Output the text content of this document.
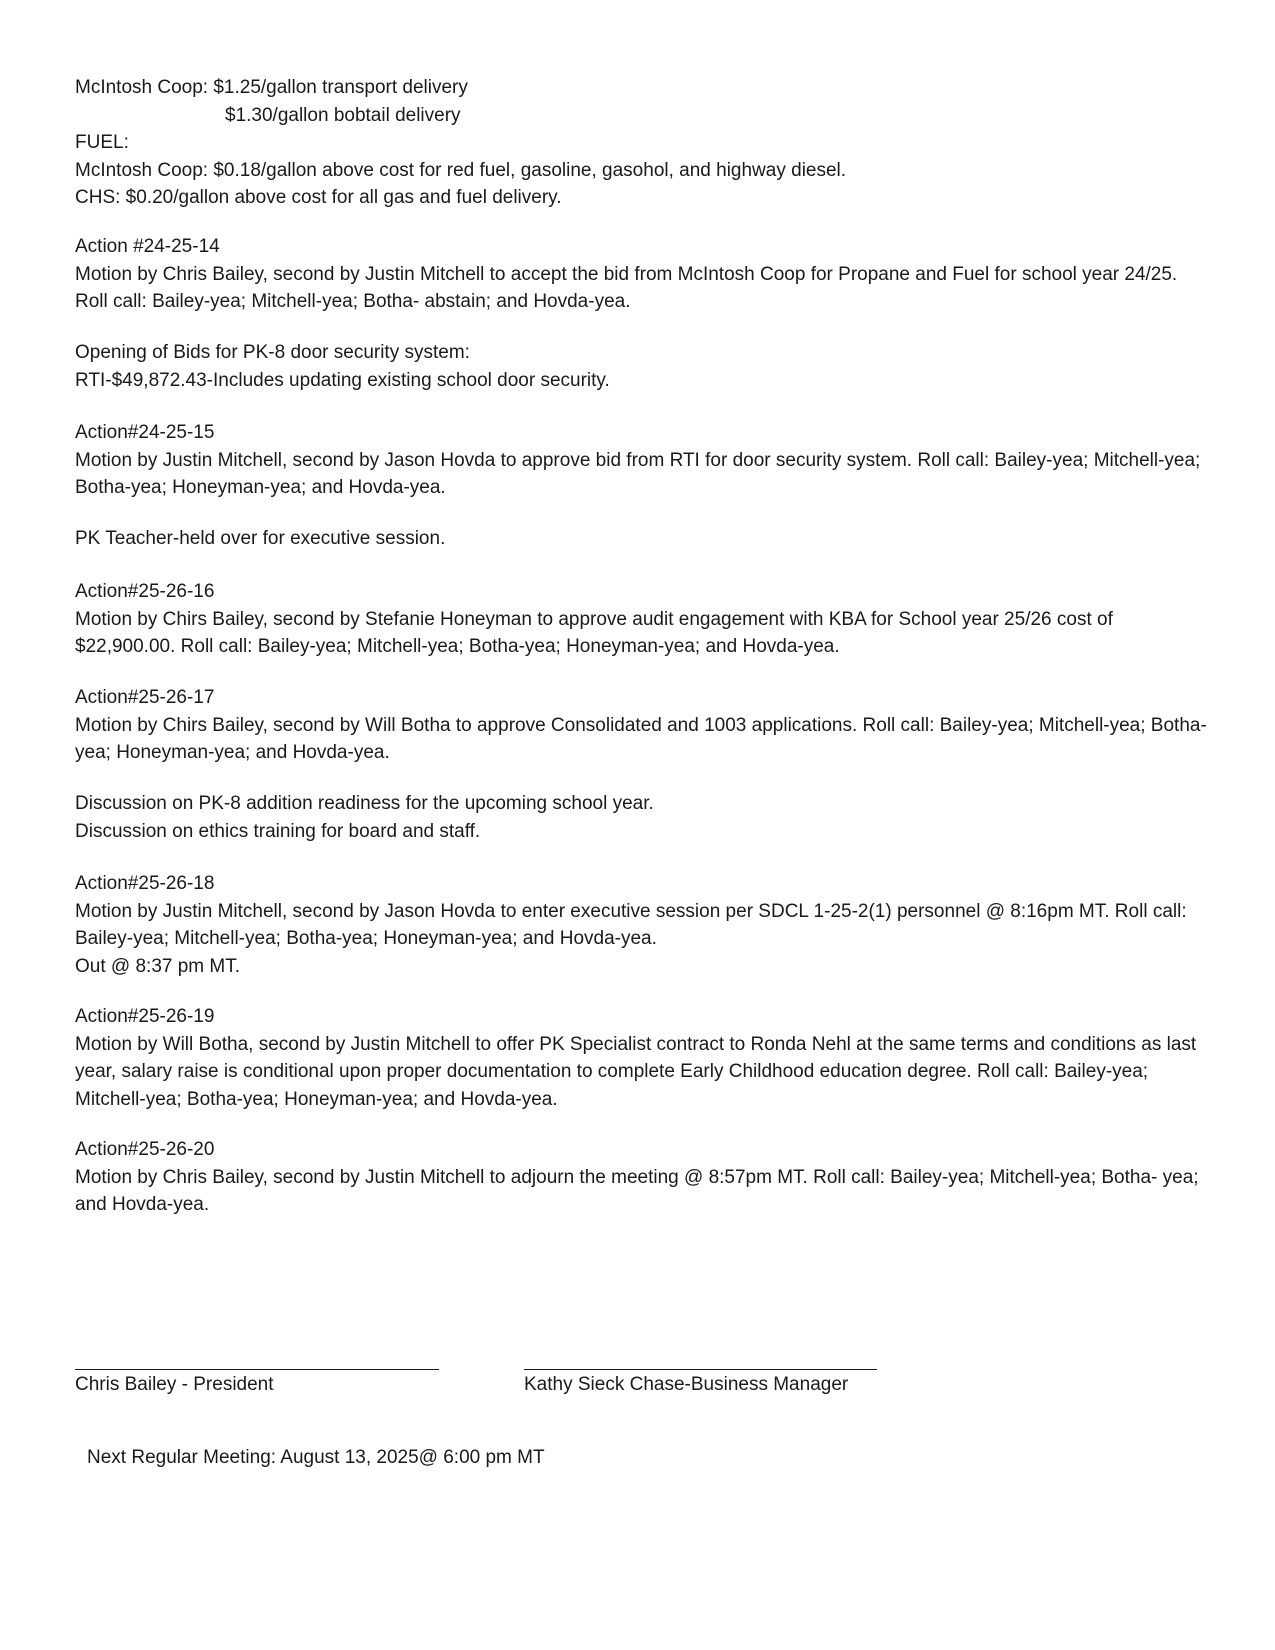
McIntosh Coop: $1.25/gallon transport delivery
$1.30/gallon bobtail delivery
FUEL:
McIntosh Coop: $0.18/gallon above cost for red fuel, gasoline, gasohol, and highway diesel.
CHS: $0.20/gallon above cost for all gas and fuel delivery.
Action #24-25-14
Motion by Chris Bailey, second by Justin Mitchell to accept the bid from McIntosh Coop for Propane and Fuel for school year 24/25. Roll call: Bailey-yea; Mitchell-yea; Botha- abstain; and Hovda-yea.
Opening of Bids for PK-8 door security system:
RTI-$49,872.43-Includes updating existing school door security.
Action#24-25-15
Motion by Justin Mitchell, second by Jason Hovda to approve bid from RTI for door security system. Roll call: Bailey-yea; Mitchell-yea; Botha-yea; Honeyman-yea; and Hovda-yea.
PK Teacher-held over for executive session.
Action#25-26-16
Motion by Chirs Bailey, second by Stefanie Honeyman to approve audit engagement with KBA for School year 25/26 cost of $22,900.00. Roll call: Bailey-yea; Mitchell-yea; Botha-yea; Honeyman-yea; and Hovda-yea.
Action#25-26-17
Motion by Chirs Bailey, second by Will Botha to approve Consolidated and 1003 applications. Roll call: Bailey-yea; Mitchell-yea; Botha-yea; Honeyman-yea; and Hovda-yea.
Discussion on PK-8 addition readiness for the upcoming school year.
Discussion on ethics training for board and staff.
Action#25-26-18
Motion by Justin Mitchell, second by Jason Hovda to enter executive session per SDCL 1-25-2(1) personnel @ 8:16pm MT. Roll call: Bailey-yea; Mitchell-yea; Botha-yea; Honeyman-yea; and Hovda-yea.
Out @ 8:37 pm MT.
Action#25-26-19
Motion by Will Botha, second by Justin Mitchell to offer PK Specialist contract to Ronda Nehl at the same terms and conditions as last year, salary raise is conditional upon proper documentation to complete Early Childhood education degree. Roll call: Bailey-yea; Mitchell-yea; Botha-yea; Honeyman-yea; and Hovda-yea.
Action#25-26-20
Motion by Chris Bailey, second by Justin Mitchell to adjourn the meeting @ 8:57pm MT. Roll call: Bailey-yea; Mitchell-yea; Botha- yea; and Hovda-yea.
Chris Bailey - President	Kathy Sieck Chase-Business Manager
Next Regular Meeting: August 13, 2025@ 6:00 pm MT
